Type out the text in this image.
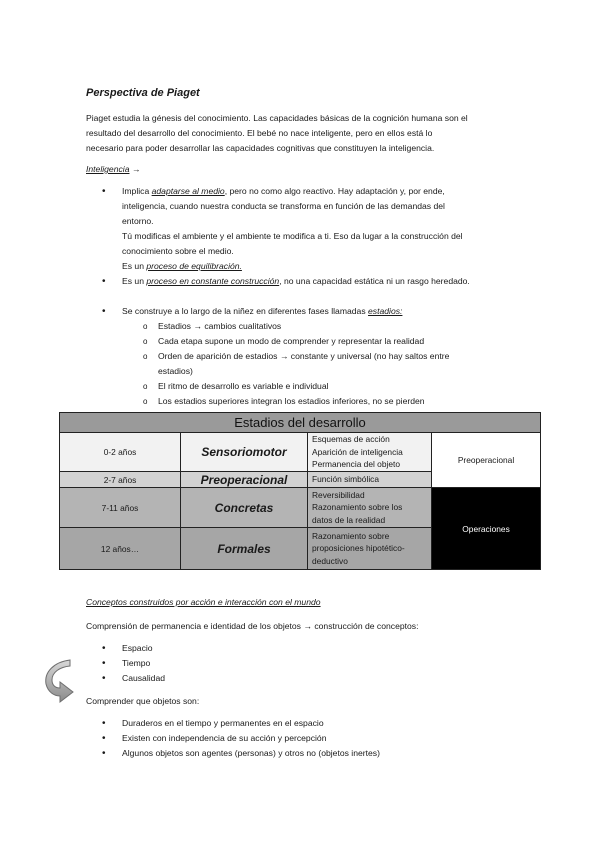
Perspectiva de Piaget
Piaget estudia la génesis del conocimiento. Las capacidades básicas de la cognición humana son el
resultado del desarrollo del conocimiento. El bebé no nace inteligente, pero en ellos está lo
necesario para poder desarrollar las capacidades cognitivas que constituyen la inteligencia.
Inteligencia →
• Implica adaptarse al medio, pero no como algo reactivo. Hay adaptación y, por ende,
inteligencia, cuando nuestra conducta se transforma en función de las demandas del
entorno.
Tú modificas el ambiente y el ambiente te modifica a ti. Eso da lugar a la construcción del
conocimiento sobre el medio.
Es un proceso de equilibración.
• Es un proceso en constante construcción, no una capacidad estática ni un rasgo heredado.
• Se construye a lo largo de la niñez en diferentes fases llamadas estadios:
o Estadios → cambios cualitativos
o Cada etapa supone un modo de comprender y representar la realidad
o Orden de aparición de estadios → constante y universal (no hay saltos entre
estadios)
o El ritmo de desarrollo es variable e individual
o Los estadios superiores integran los estadios inferiores, no se pierden
Estadios del desarrollo			
0-2 años	Sensoriomotor	Esquemas de acción
Aparición de inteligencia
Permanencia del objeto	Preoperacional
2-7 años	Preoperacional	Función simbólica	
7-11 años	Concretas	Reversibilidad
Razonamiento sobre los
datos de la realidad	Operaciones
12 años…	Formales	Razonamiento sobre
proposiciones hipotético-
deductivo	
Conceptos construidos por acción e interacción con el mundo
Comprensión de permanencia e identidad de los objetos → construcción de conceptos:
• Espacio
• Tiempo
• Causalidad
Comprender que objetos son:
• Duraderos en el tiempo y permanentes en el espacio
• Existen con independencia de su acción y percepción
• Algunos objetos son agentes (personas) y otros no (objetos inertes)
